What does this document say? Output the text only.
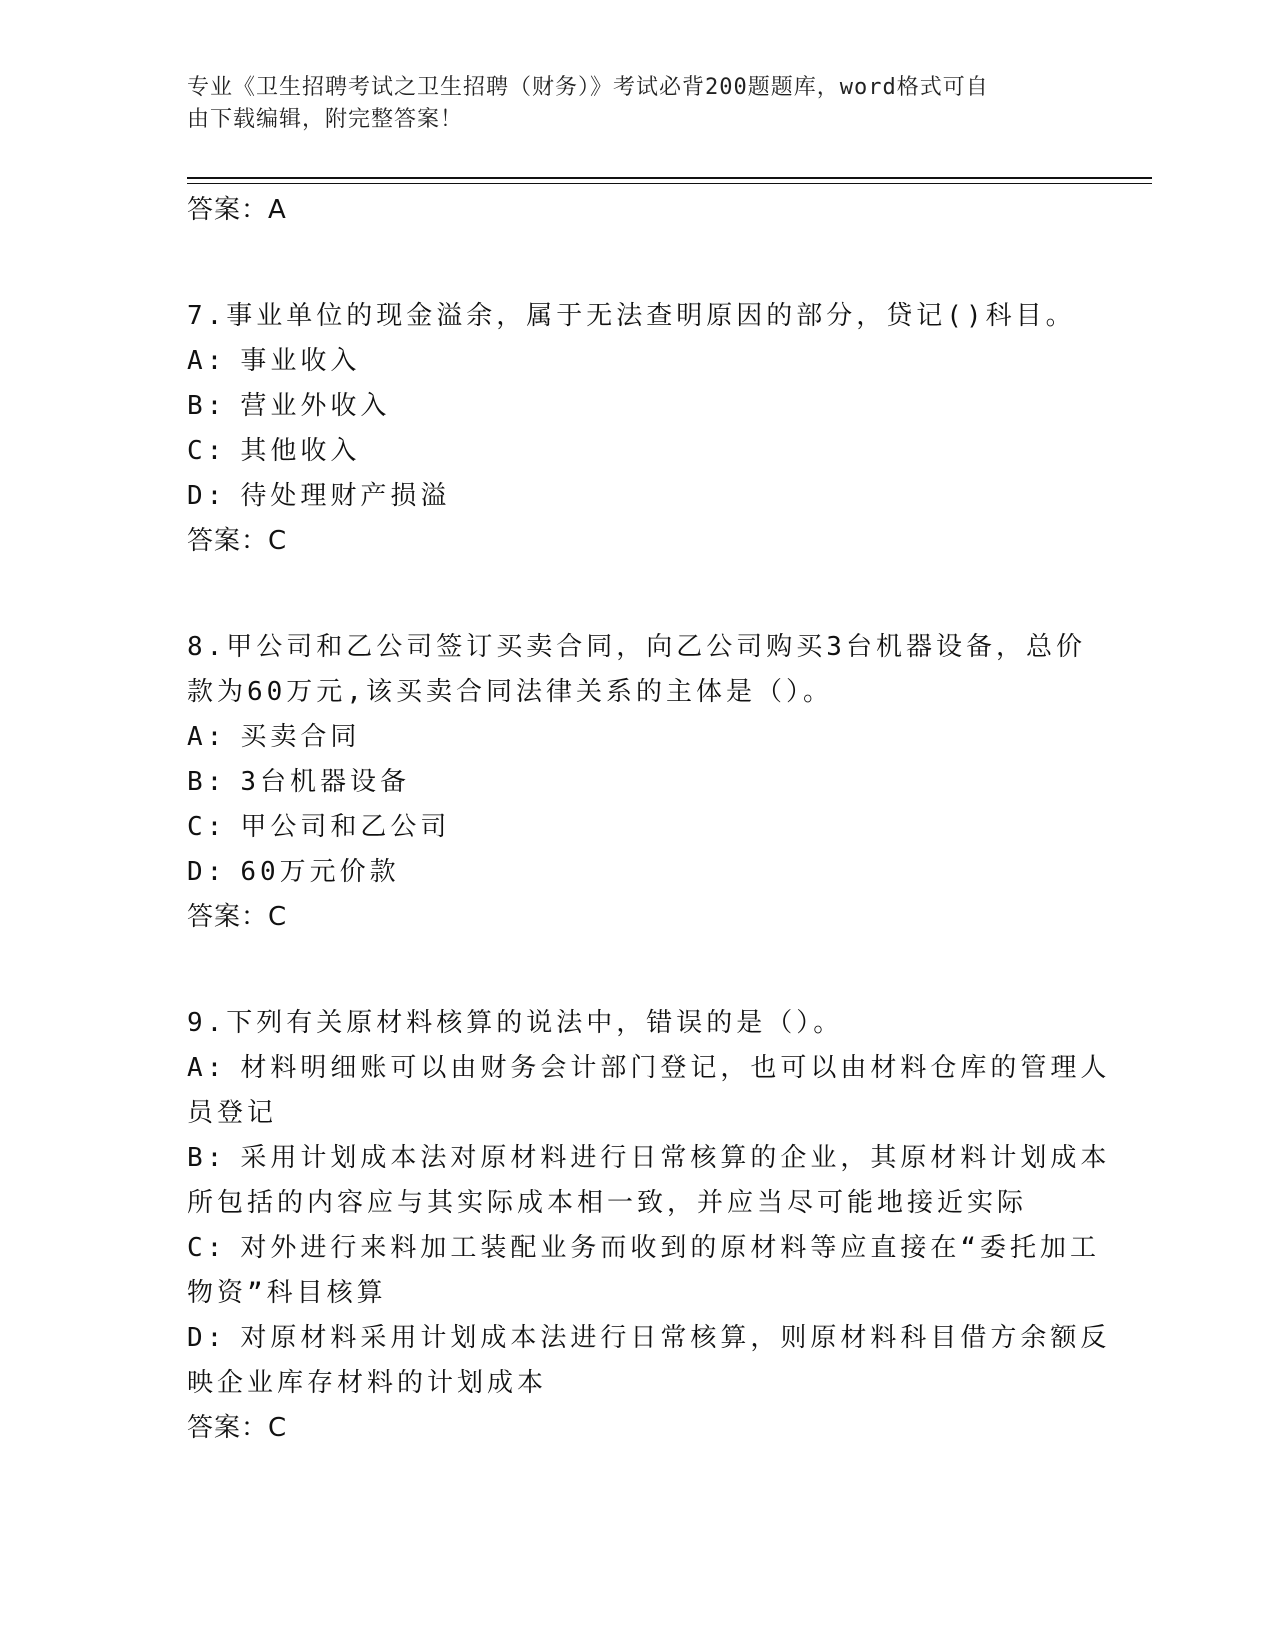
专业《卫生招聘考试之卫生招聘（财务）》考试必背200题题库，word格式可自
由下载编辑，附完整答案！
答案：A
7.事业单位的现金溢余，属于无法查明原因的部分，贷记()科目。
A: 事业收入
B: 营业外收入
C: 其他收入
D: 待处理财产损溢
答案：C
8.甲公司和乙公司签订买卖合同，向乙公司购买3台机器设备，总价
款为60万元,该买卖合同法律关系的主体是（）。
A: 买卖合同
B: 3台机器设备
C: 甲公司和乙公司
D: 60万元价款
答案：C
9.下列有关原材料核算的说法中，错误的是（）。
A: 材料明细账可以由财务会计部门登记，也可以由材料仓库的管理人
员登记
B: 采用计划成本法对原材料进行日常核算的企业，其原材料计划成本
所包括的内容应与其实际成本相一致，并应当尽可能地接近实际
C: 对外进行来料加工装配业务而收到的原材料等应直接在“委托加工
物资”科目核算
D: 对原材料采用计划成本法进行日常核算，则原材料科目借方余额反
映企业库存材料的计划成本
答案：C
